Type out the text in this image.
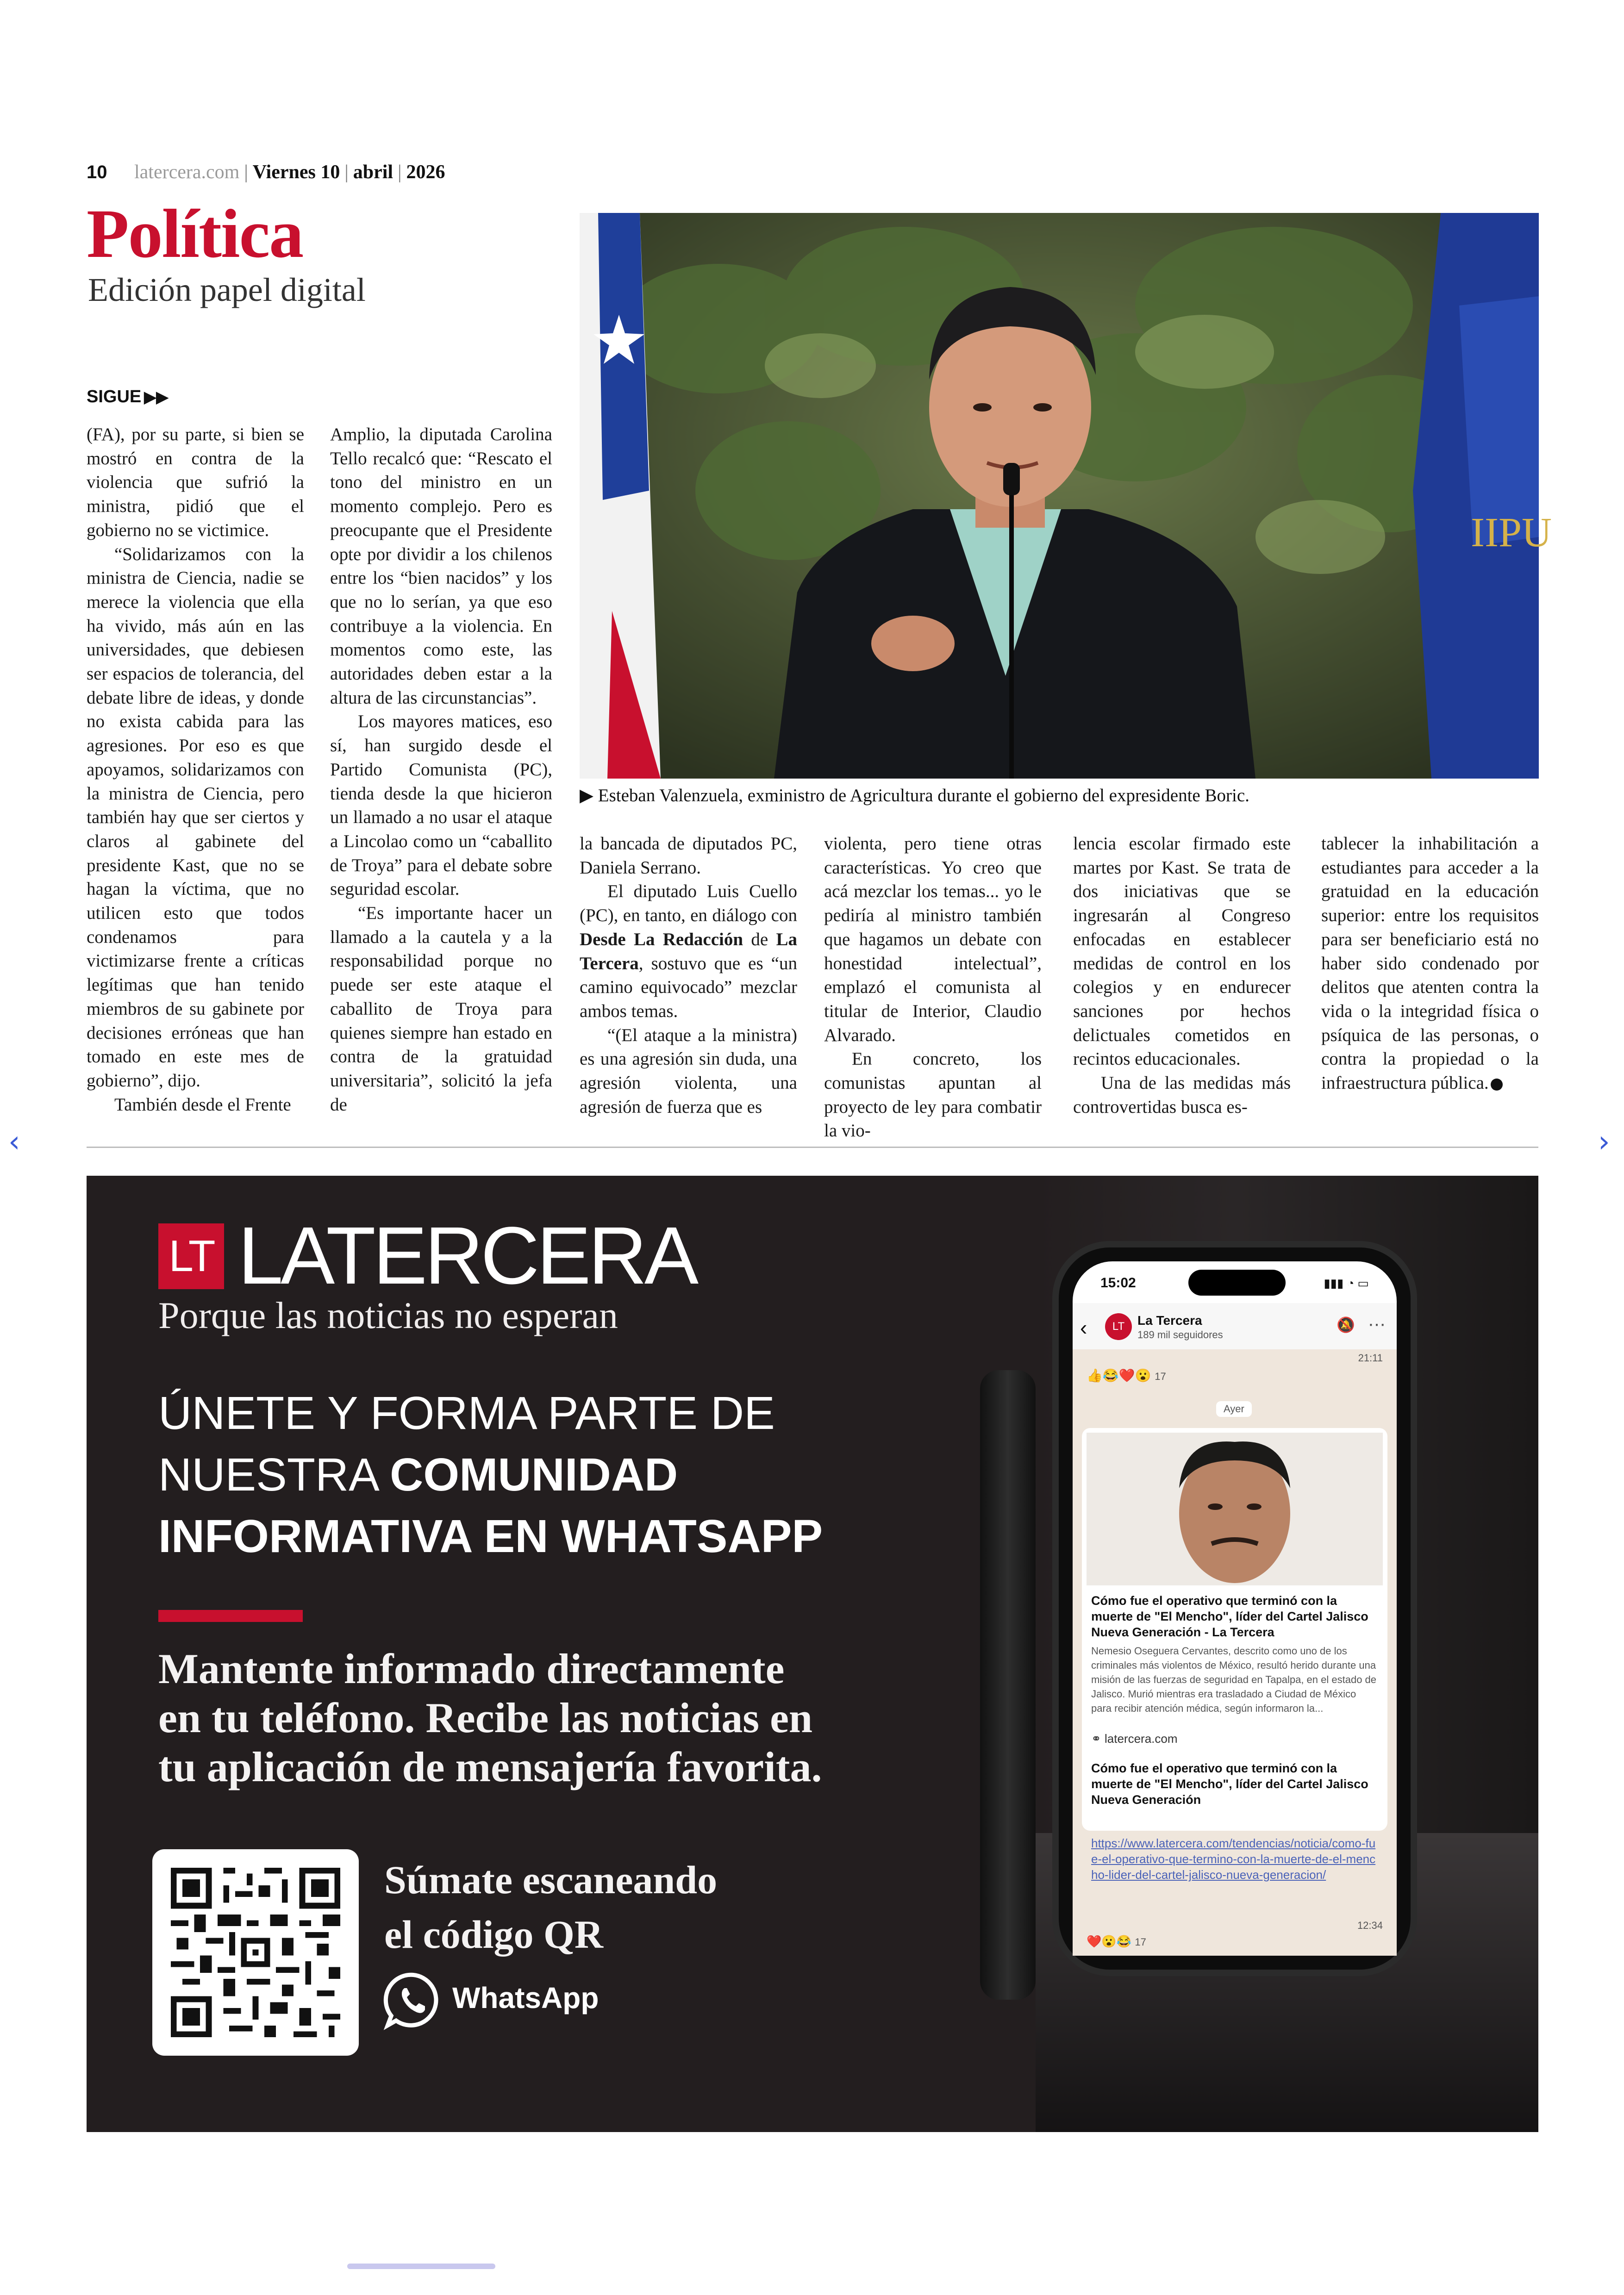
10 latercera.com | Viernes 10 | abril | 2026
Política
Edición papel digital
SIGUE ▶▶
IIPU
▶ Esteban Valenzuela, exministro de Agricultura durante el gobierno del expresidente Boric.

(FA), por su parte, si bien se mostró en contra de la violencia que sufrió la ministra, pidió que el gobierno no se victimice.

“Solidarizamos con la ministra de Ciencia, nadie se merece la violencia que ella ha vivido, más aún en las universidades, que debiesen ser espacios de tolerancia, del debate libre de ideas, y donde no exista cabida para las agresiones. Por eso es que apoyamos, solidarizamos con la ministra de Ciencia, pero también hay que ser ciertos y claros al gabinete del presidente Kast, que no se hagan la víctima, que no utilicen esto que todos condenamos para victimizarse frente a críticas legítimas que han tenido miembros de su gabinete por decisiones erróneas que han tomado en este mes de gobierno”, dijo.

También desde el Frente

Amplio, la diputada Carolina Tello recalcó que: “Rescato el tono del ministro en un momento complejo. Pero es preocupante que el Presidente opte por dividir a los chilenos entre los “bien nacidos” y los que no lo serían, ya que eso contribuye a la violencia. En momentos como este, las autoridades deben estar a la altura de las circunstancias”.

Los mayores matices, eso sí, han surgido desde el Partido Comunista (PC), tienda desde la que hicieron un llamado a no usar el ataque a Lincolao como un “caballito de Troya” para el debate sobre seguridad escolar.

“Es importante hacer un llamado a la cautela y a la responsabilidad porque no puede ser este ataque el caballito de Troya para quienes siempre han estado en contra de la gratuidad universitaria”, solicitó la jefa de

la bancada de diputados PC, Daniela Serrano.

El diputado Luis Cuello (PC), en tanto, en diálogo con Desde La Redacción de La Tercera, sostuvo que es “un camino equivocado” mezclar ambos temas.

“(El ataque a la ministra) es una agresión sin duda, una agresión violenta, una agresión de fuerza que es

violenta, pero tiene otras características. Yo creo que acá mezclar los temas... yo le pediría al ministro también que hagamos un debate con honestidad intelectual”, emplazó el comunista al titular de Interior, Claudio Alvarado.

En concreto, los comunistas apuntan al proyecto de ley para combatir la vio-

lencia escolar firmado este martes por Kast. Se trata de dos iniciativas que se ingresarán al Congreso enfocadas en establecer medidas de control en los colegios y en endurecer sanciones por hechos delictuales cometidos en recintos educacionales.

Una de las medidas más controvertidas busca es-

tablecer la inhabilitación a estudiantes para acceder a la gratuidad en la educación superior: entre los requisitos para ser beneficiario está no haber sido condenado por delitos que atenten contra la vida o la integridad física o psíquica de las personas, o contra la propiedad o la infraestructura pública.

‹	›
LT LATERCERA
Porque las noticias no esperan
ÚNETE Y FORMA PARTE DE
NUESTRA COMUNIDAD
INFORMATIVA EN WHATSAPP
Mantente informado directamente
en tu teléfono. Recibe las noticias en
tu aplicación de mensajería favorita.
Súmate escaneando
el código QR
WhatsApp
15:02	▮▮▮ ◔ ▭
‹	LT La Tercera
189 mil seguidores
🔕 ⋯
21:11
👍😂❤️😮 17
Ayer
Cómo fue el operativo que terminó con la muerte de "El Mencho", líder del Cartel Jalisco Nueva Generación - La Tercera
Nemesio Oseguera Cervantes, descrito como uno de los criminales más violentos de México, resultó herido durante una misión de las fuerzas de seguridad en Tapalpa, en el estado de Jalisco. Murió mientras era trasladado a Ciudad de México para recibir atención médica, según informaron la...
⚭ latercera.com
Cómo fue el operativo que terminó con la muerte de "El Mencho", líder del Cartel Jalisco Nueva Generación
https://www.latercera.com/tendencias/noticia/como-fue-el-operativo-que-termino-con-la-muerte-de-el-mencho-lider-del-cartel-jalisco-nueva-generacion/
12:34
❤️😮😂 17
